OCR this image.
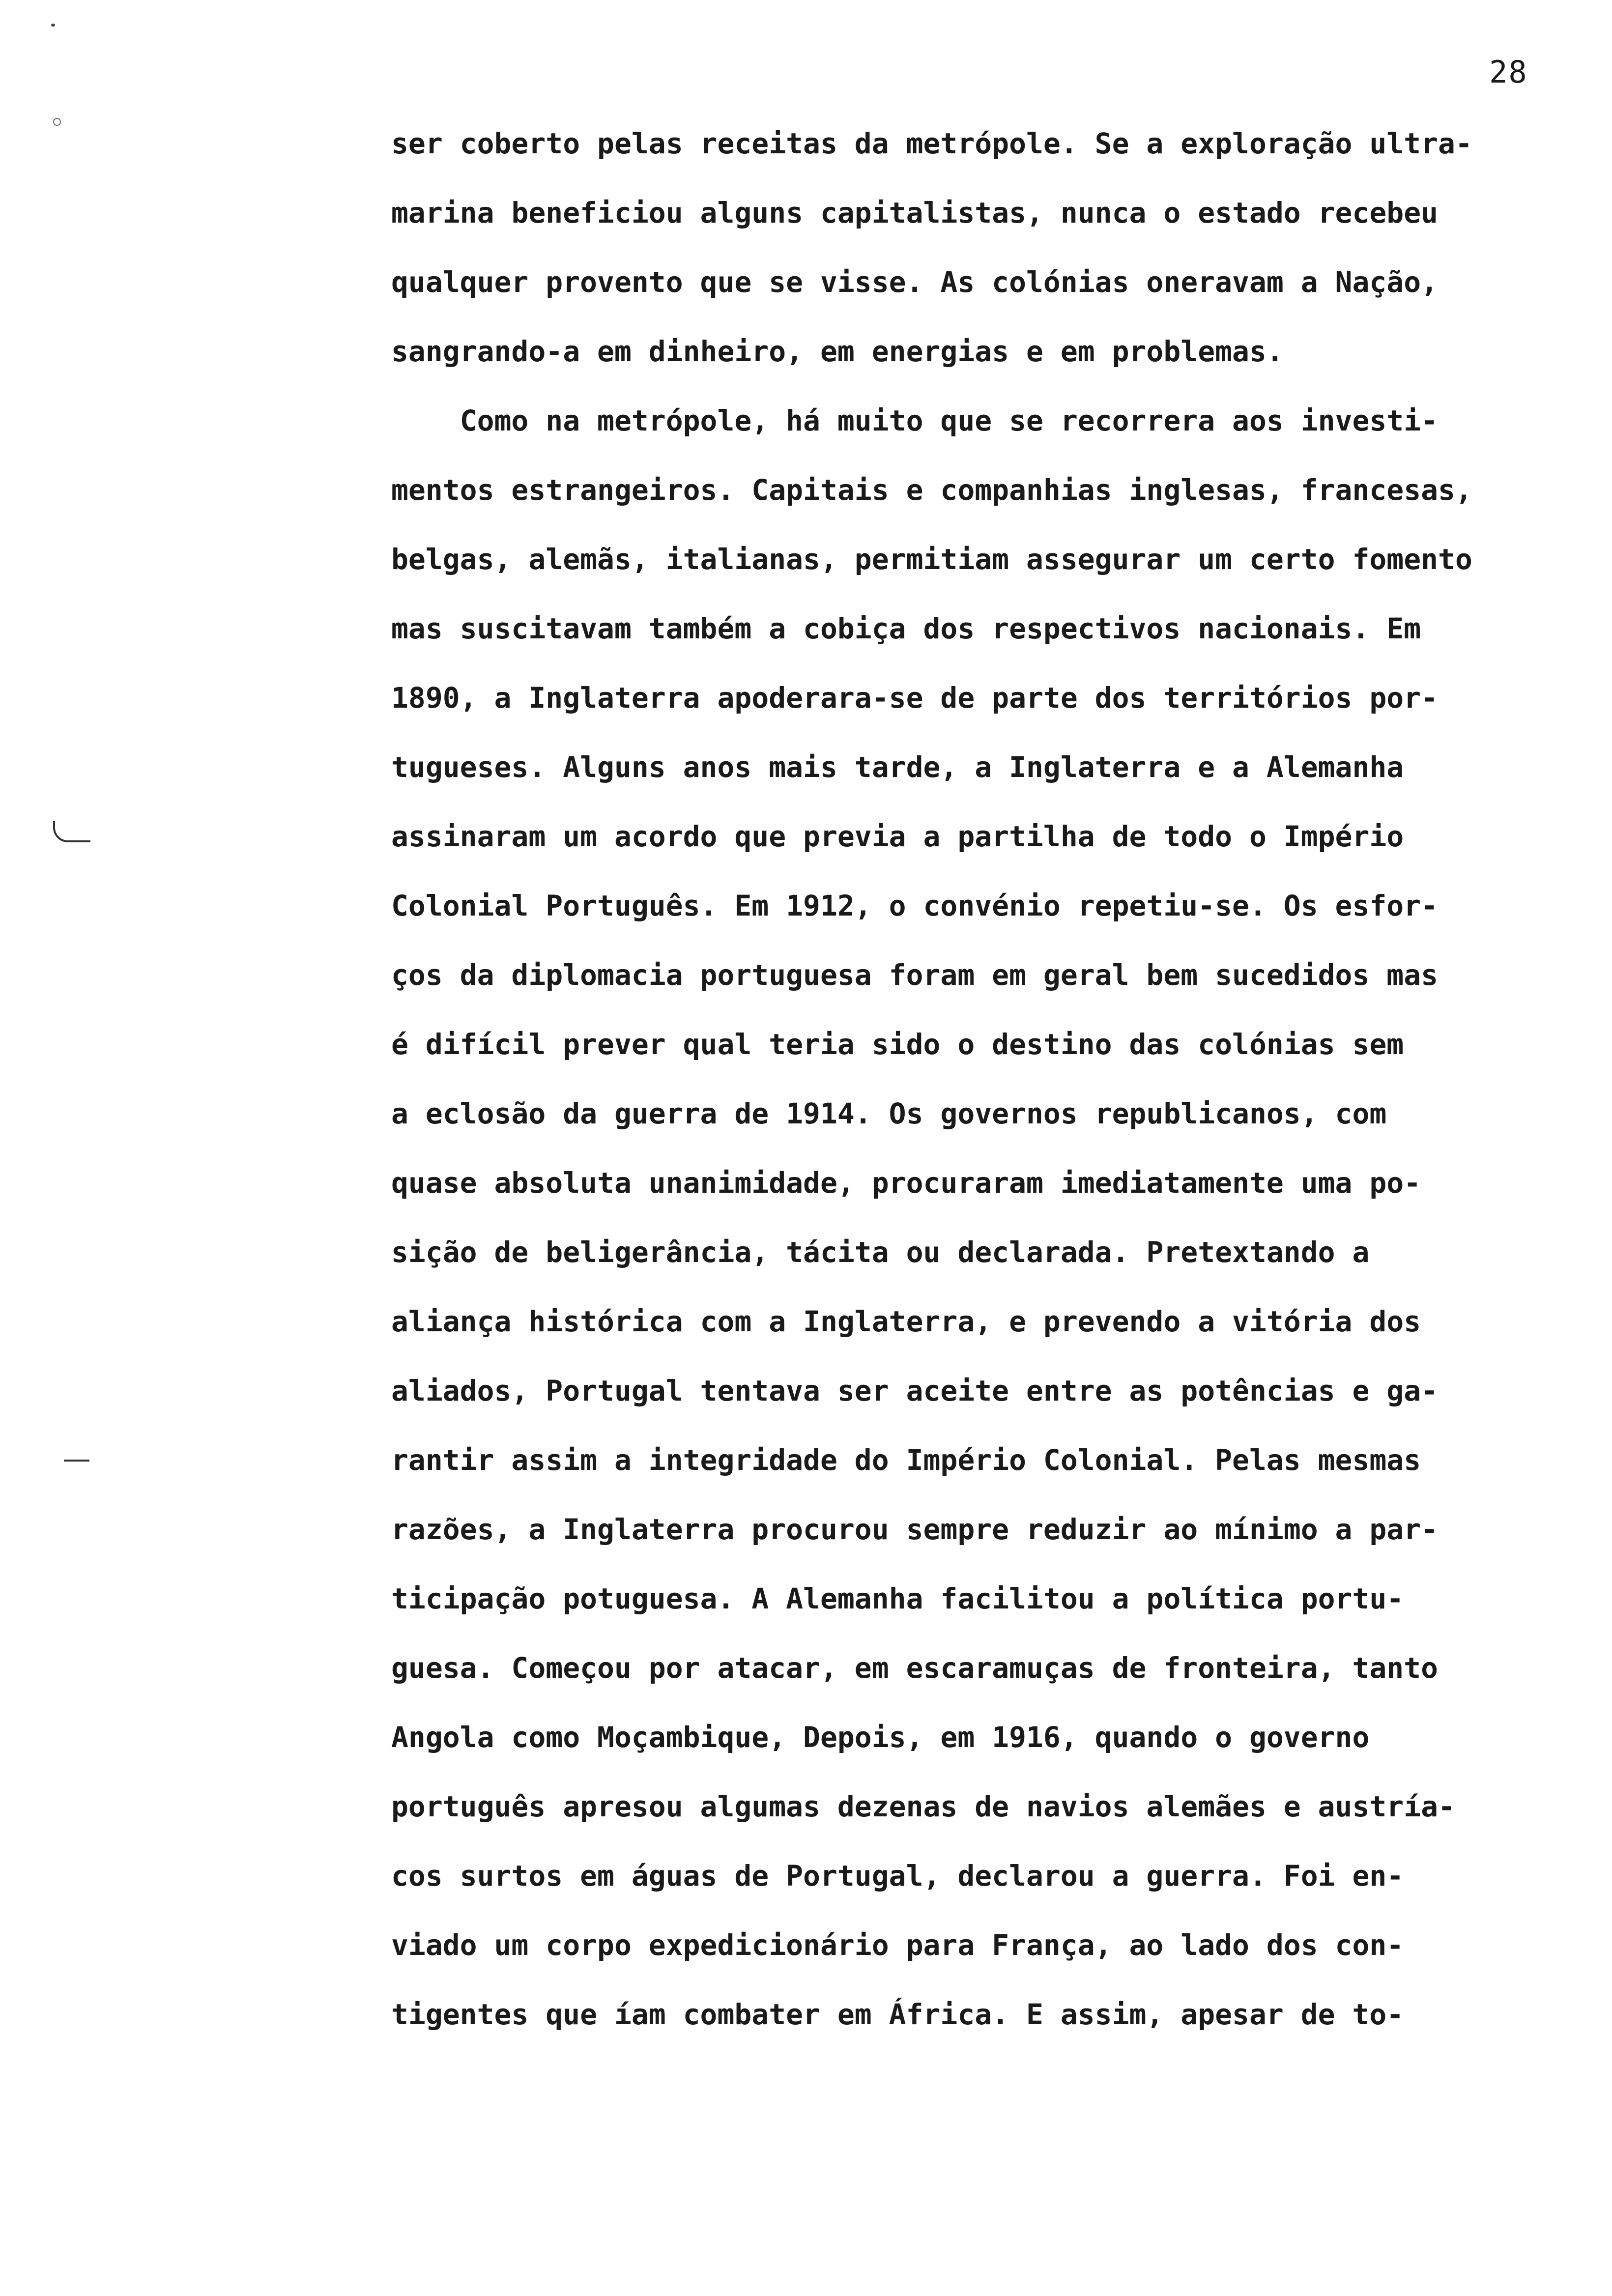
28
ser coberto pelas receitas da metrópole. Se a exploração ultra-
marina beneficiou alguns capitalistas, nunca o estado recebeu
qualquer provento que se visse. As colónias oneravam a Nação,
sangrando-a em dinheiro, em energias e em problemas.
Como na metrópole, há muito que se recorrera aos investi-
mentos estrangeiros. Capitais e companhias inglesas, francesas,
belgas, alemãs, italianas, permitiam assegurar um certo fomento
mas suscitavam também a cobiça dos respectivos nacionais. Em
1890, a Inglaterra apoderara-se de parte dos territórios por-
tugueses. Alguns anos mais tarde, a Inglaterra e a Alemanha
assinaram um acordo que previa a partilha de todo o Império
Colonial Português. Em 1912, o convénio repetiu-se. Os esfor-
ços da diplomacia portuguesa foram em geral bem sucedidos mas
é difícil prever qual teria sido o destino das colónias sem
a eclosão da guerra de 1914. Os governos republicanos, com
quase absoluta unanimidade, procuraram imediatamente uma po-
sição de beligerância, tácita ou declarada. Pretextando a
aliança histórica com a Inglaterra, e prevendo a vitória dos
aliados, Portugal tentava ser aceite entre as potências e ga-
rantir assim a integridade do Império Colonial. Pelas mesmas
razões, a Inglaterra procurou sempre reduzir ao mínimo a par-
ticipação potuguesa. A Alemanha facilitou a política portu-
guesa. Começou por atacar, em escaramuças de fronteira, tanto
Angola como Moçambique, Depois, em 1916, quando o governo
português apresou algumas dezenas de navios alemães e austría-
cos surtos em águas de Portugal, declarou a guerra. Foi en-
viado um corpo expedicionário para França, ao lado dos con-
tigentes que íam combater em África. E assim, apesar de to-
